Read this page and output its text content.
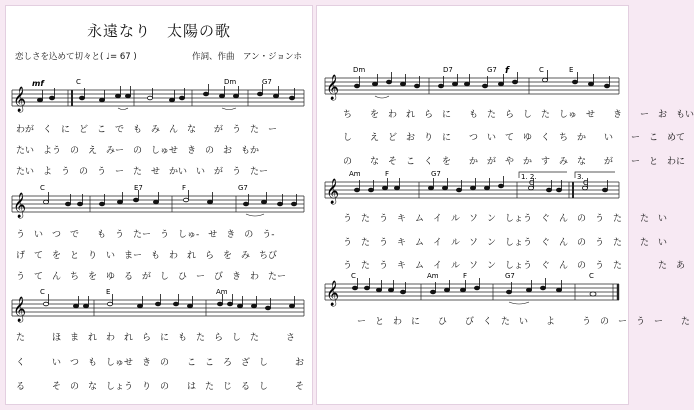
永遠なり　太陽の歌
恋しさを込めて切々と( ♩= 67 )	作詞、作曲　アン・ジョンホ
𝄞
mf	C	Dm	G7
わが　く　に　ど　こ　で　も　み　ん　な　　が　う　た　ー
たい　よう　の　え　みー　の　しゅせ　き　の　お　もか
たい　よ　う　の　う　ー　た　せ　かい　い　が　う　たー
𝄞
C	E7	F	G7
う　い　つ　で　　も　う　たー　う　しゅ-　せ　き　の　う-
げ　て　を　と　り　い　まー　も　わ　れ　ら　を　み　ちび
う　て　ん　ち　を　ゆ　る　が　し　ひ　ー　び　き　わ　たー
𝄞
C	E	Am
た　　　ほ　ま　れ　わ　れ　ら　に　も　た　ら　し　た　　　さ
く　　　い　つ　も　しゅせ　き　の　　こ　こ　ろ　ざ　し　　　お
る　　　そ　の　な　しょう　り　の　　は　た　じ　る　し　　　そ
𝄞
Dm	D7	G7 f	C	E
ち　　を　わ　れ　ら　に　　も　た　ら　し　た　しゅ　せ　　き　　ー　お　もい
し　　え　ど　お　り　に　　つ　い　て　ゆ　く　ち　か　　い　　ー　こ　めて
の　　な　そ　こ　く　を　　か　が　や　か　す　み　な　　が　　ー　と　わに
1. 2.	3.
𝄞
Am	F	G7
C	C
う　た　う　キ　ム　イ　ル　ソ　ン　しょう　ぐ　ん　の　う　た　　た　い
う　た　う　キ　ム　イ　ル　ソ　ン　しょう　ぐ　ん　の　う　た　　た　い
う　た　う　キ　ム　イ　ル　ソ　ン　しょう　ぐ　ん　の　う　た　　　　た　あ
𝄞
C	Am	F	G7	C
ー　と　わ　に　　ひ　　び　く　た　い　　よ　　　う　の　ー　う　ー　　た
